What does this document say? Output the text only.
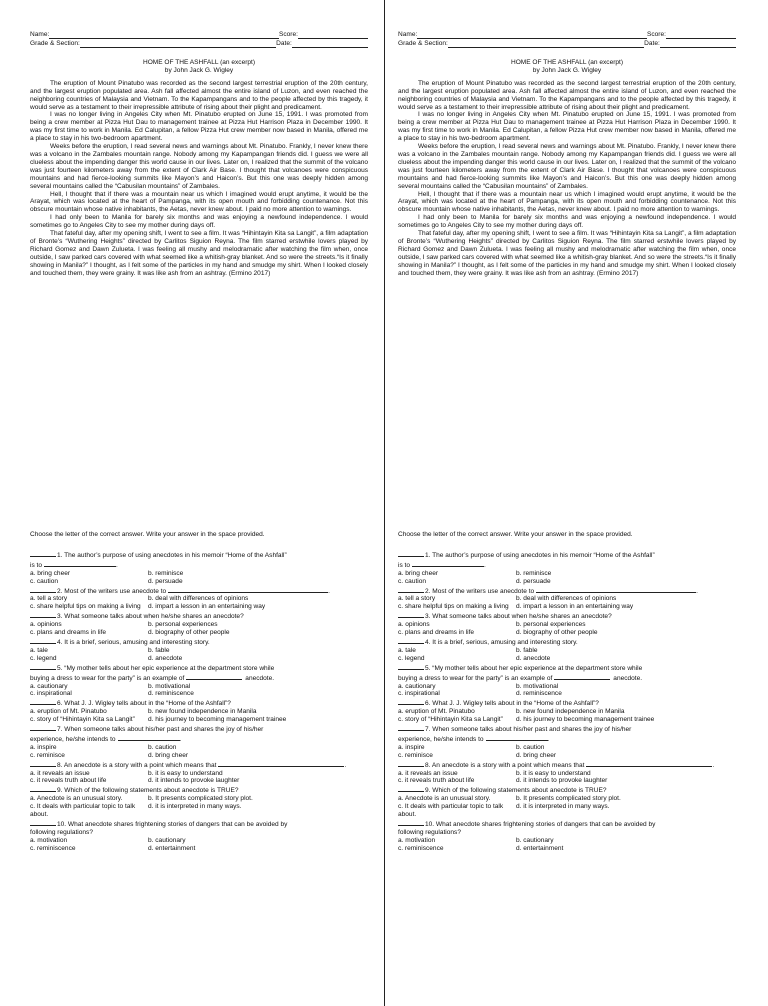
Name:	Score:
Grade & Section:	Date:
HOME OF THE ASHFALL (an excerpt)
by John Jack G. Wigley

The eruption of Mount Pinatubo was recorded as the second largest terrestrial eruption of the 20th century, and the largest eruption populated area. Ash fall affected almost the entire island of Luzon, and even reached the neighboring countries of Malaysia and Vietnam. To the Kapampangans and to the people affected by this tragedy, it would serve as a testament to their irrepressible attribute of rising about their plight and predicament.

I was no longer living in Angeles City when Mt. Pinatubo erupted on June 15, 1991. I was promoted from being a crew member at Pizza Hut Dau to management trainee at Pizza Hut Harrison Plaza in December 1990. It was my first time to work in Manila. Ed Calupitan, a fellow Pizza Hut crew member now based in Manila, offered me a place to stay in his two-bedroom apartment.

Weeks before the eruption, I read several news and warnings about Mt. Pinatubo. Frankly, I never knew there was a volcano in the Zambales mountain range. Nobody among my Kapampangan friends did. I guess we were all clueless about the impending danger this world cause in our lives. Later on, I realized that the summit of the volcano was just fourteen kilometers away from the extent of Clark Air Base. I thought that volcanoes were conspicuous mountains and had fierce-looking summits like Mayon’s and Haicon’s. But this one was deeply hidden among several mountains called the “Cabusilan mountains” of Zambales.

Hell, I thought that if there was a mountain near us which I imagined would erupt anytime, it would be the Arayat, which was located at the heart of Pampanga, with its open mouth and forbidding countenance. Not this obscure mountain whose native inhabitants, the Aetas, never knew about. I paid no more attention to warnings.

I had only been to Manila for barely six months and was enjoying a newfound independence. I would sometimes go to Angeles City to see my mother during days off.

That fateful day, after my opening shift, I went to see a film. It was “Hihintayin Kita sa Langit”, a film adaptation of Bronte’s “Wuthering Heights” directed by Carlitos Siguion Reyna. The film starred erstwhile lovers played by Richard Gomez and Dawn Zulueta. I was feeling all mushy and melodramatic after watching the film when, once outside, I saw parked cars covered with what seemed like a whitish-gray blanket. And so were the streets.“Is it finally showing in Manila?” I thought, as I felt some of the particles in my hand and smudge my shirt. When I looked closely and touched them, they were grainy. It was like ash from an ashtray. (Ermino 2017)

Name:	Score:
Grade & Section:	Date:
HOME OF THE ASHFALL (an excerpt)
by John Jack G. Wigley

The eruption of Mount Pinatubo was recorded as the second largest terrestrial eruption of the 20th century, and the largest eruption populated area. Ash fall affected almost the entire island of Luzon, and even reached the neighboring countries of Malaysia and Vietnam. To the Kapampangans and to the people affected by this tragedy, it would serve as a testament to their irrepressible attribute of rising about their plight and predicament.

I was no longer living in Angeles City when Mt. Pinatubo erupted on June 15, 1991. I was promoted from being a crew member at Pizza Hut Dau to management trainee at Pizza Hut Harrison Plaza in December 1990. It was my first time to work in Manila. Ed Calupitan, a fellow Pizza Hut crew member now based in Manila, offered me a place to stay in his two-bedroom apartment.

Weeks before the eruption, I read several news and warnings about Mt. Pinatubo. Frankly, I never knew there was a volcano in the Zambales mountain range. Nobody among my Kapampangan friends did. I guess we were all clueless about the impending danger this world cause in our lives. Later on, I realized that the summit of the volcano was just fourteen kilometers away from the extent of Clark Air Base. I thought that volcanoes were conspicuous mountains and had fierce-looking summits like Mayon’s and Haicon’s. But this one was deeply hidden among several mountains called the “Cabusilan mountains” of Zambales.

Hell, I thought that if there was a mountain near us which I imagined would erupt anytime, it would be the Arayat, which was located at the heart of Pampanga, with its open mouth and forbidding countenance. Not this obscure mountain whose native inhabitants, the Aetas, never knew about. I paid no more attention to warnings.

I had only been to Manila for barely six months and was enjoying a newfound independence. I would sometimes go to Angeles City to see my mother during days off.

That fateful day, after my opening shift, I went to see a film. It was “Hihintayin Kita sa Langit”, a film adaptation of Bronte’s “Wuthering Heights” directed by Carlitos Siguion Reyna. The film starred erstwhile lovers played by Richard Gomez and Dawn Zulueta. I was feeling all mushy and melodramatic after watching the film when, once outside, I saw parked cars covered with what seemed like a whitish-gray blanket. And so were the streets.“Is it finally showing in Manila?” I thought, as I felt some of the particles in my hand and smudge my shirt. When I looked closely and touched them, they were grainy. It was like ash from an ashtray. (Ermino 2017)

Choose the letter of the correct answer. Write your answer in the space provided.
1. The author’s purpose of using anecdotes in his memoir “Home of the Ashfall”
is to	.
a. bring cheer	b. reminisce
c. caution	d. persuade
2. Most of the writers use anecdote to	.
a. tell a story	b. deal with differences of opinions
c. share helpful tips on making a living	d. impart a lesson in an entertaining way
3. What someone talks about when he/she shares an anecdote?
a. opinions	b. personal experiences
c. plans and dreams in life	d. biography of other people
4. It is a brief, serious, amusing and interesting story.
a. tale	b. fable
c. legend	d. anecdote
5. “My mother tells about her epic experience at the department store while
buying a dress to wear for the party” is an example of	anecdote.
a. cautionary	b. motivational
c. inspirational	d. reminiscence
6. What J. J. Wigley tells about in the “Home of the Ashfall”?
a. eruption of Mt. Pinatubo	b. new found independence in Manila
c. story of “Hihintayin Kita sa Langit”	d. his journey to becoming management trainee
7. When someone talks about his/her past and shares the joy of his/her
experience, he/she intends to	.
a. inspire	b. caution
c. reminisce	d. bring cheer
8. An anecdote is a story with a point which means that	.
a. it reveals an issue	b. it is easy to understand
c. it reveals truth about life	d. it intends to provoke laughter
9. Which of the following statements about anecdote is TRUE?
a. Anecdote is an unusual story.	b. It presents complicated story plot.
c. It deals with particular topic to talk about.
d. it is interpreted in many ways.
10. What anecdote shares frightening stories of dangers that can be avoided by
following regulations?
a. motivation	b. cautionary
c. reminiscence	d. entertainment
Choose the letter of the correct answer. Write your answer in the space provided.
1. The author’s purpose of using anecdotes in his memoir “Home of the Ashfall”
is to	.
a. bring cheer	b. reminisce
c. caution	d. persuade
2. Most of the writers use anecdote to	.
a. tell a story	b. deal with differences of opinions
c. share helpful tips on making a living	d. impart a lesson in an entertaining way
3. What someone talks about when he/she shares an anecdote?
a. opinions	b. personal experiences
c. plans and dreams in life	d. biography of other people
4. It is a brief, serious, amusing and interesting story.
a. tale	b. fable
c. legend	d. anecdote
5. “My mother tells about her epic experience at the department store while
buying a dress to wear for the party” is an example of	anecdote.
a. cautionary	b. motivational
c. inspirational	d. reminiscence
6. What J. J. Wigley tells about in the “Home of the Ashfall”?
a. eruption of Mt. Pinatubo	b. new found independence in Manila
c. story of “Hihintayin Kita sa Langit”	d. his journey to becoming management trainee
7. When someone talks about his/her past and shares the joy of his/her
experience, he/she intends to	.
a. inspire	b. caution
c. reminisce	d. bring cheer
8. An anecdote is a story with a point which means that	.
a. it reveals an issue	b. it is easy to understand
c. it reveals truth about life	d. it intends to provoke laughter
9. Which of the following statements about anecdote is TRUE?
a. Anecdote is an unusual story.	b. It presents complicated story plot.
c. It deals with particular topic to talk about.
d. it is interpreted in many ways.
10. What anecdote shares frightening stories of dangers that can be avoided by
following regulations?
a. motivation	b. cautionary
c. reminiscence	d. entertainment
